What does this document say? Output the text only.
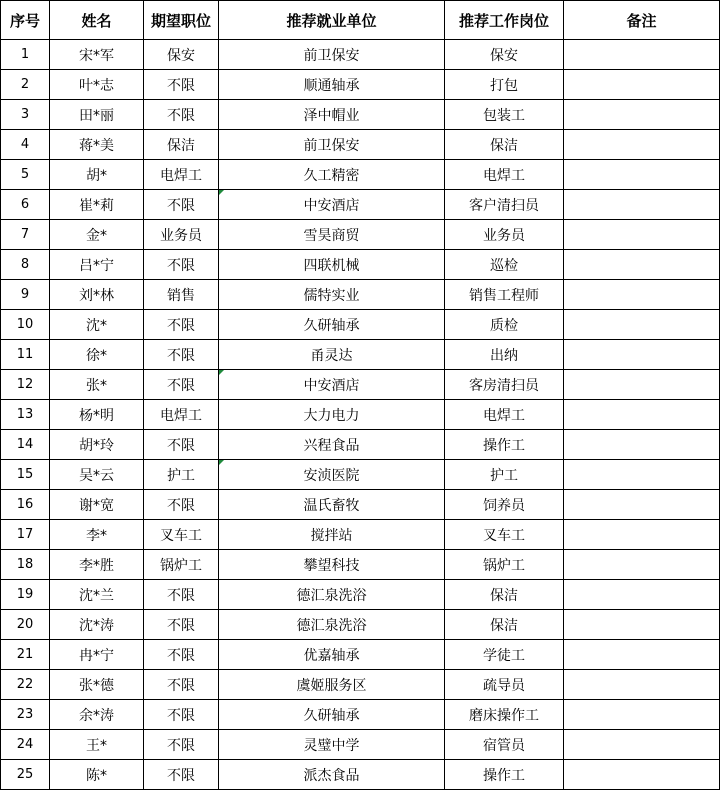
序号	姓名	期望职位	推荐就业单位	推荐工作岗位	备注
1	宋*军	保安	前卫保安	保安	
2	叶*志	不限	顺通轴承	打包	
3	田*丽	不限	泽中帽业	包装工	
4	蒋*美	保洁	前卫保安	保洁	
5	胡*	电焊工	久工精密	电焊工	
6	崔*莉	不限	中安酒店	客户清扫员	
7	金*	业务员	雪昊商贸	业务员	
8	吕*宁	不限	四联机械	巡检	
9	刘*林	销售	儒特实业	销售工程师	
10	沈*	不限	久研轴承	质检	
11	徐*	不限	甬灵达	出纳	
12	张*	不限	中安酒店	客房清扫员	
13	杨*明	电焊工	大力电力	电焊工	
14	胡*玲	不限	兴程食品	操作工	
15	吴*云	护工	安浈医院	护工	
16	谢*宽	不限	温氏畜牧	饲养员	
17	李*	叉车工	搅拌站	叉车工	
18	李*胜	锅炉工	攀望科技	锅炉工	
19	沈*兰	不限	德汇泉洗浴	保洁	
20	沈*涛	不限	德汇泉洗浴	保洁	
21	冉*宁	不限	优嘉轴承	学徒工	
22	张*德	不限	虞姬服务区	疏导员	
23	余*涛	不限	久研轴承	磨床操作工	
24	王*	不限	灵璧中学	宿管员	
25	陈*	不限	派杰食品	操作工	
